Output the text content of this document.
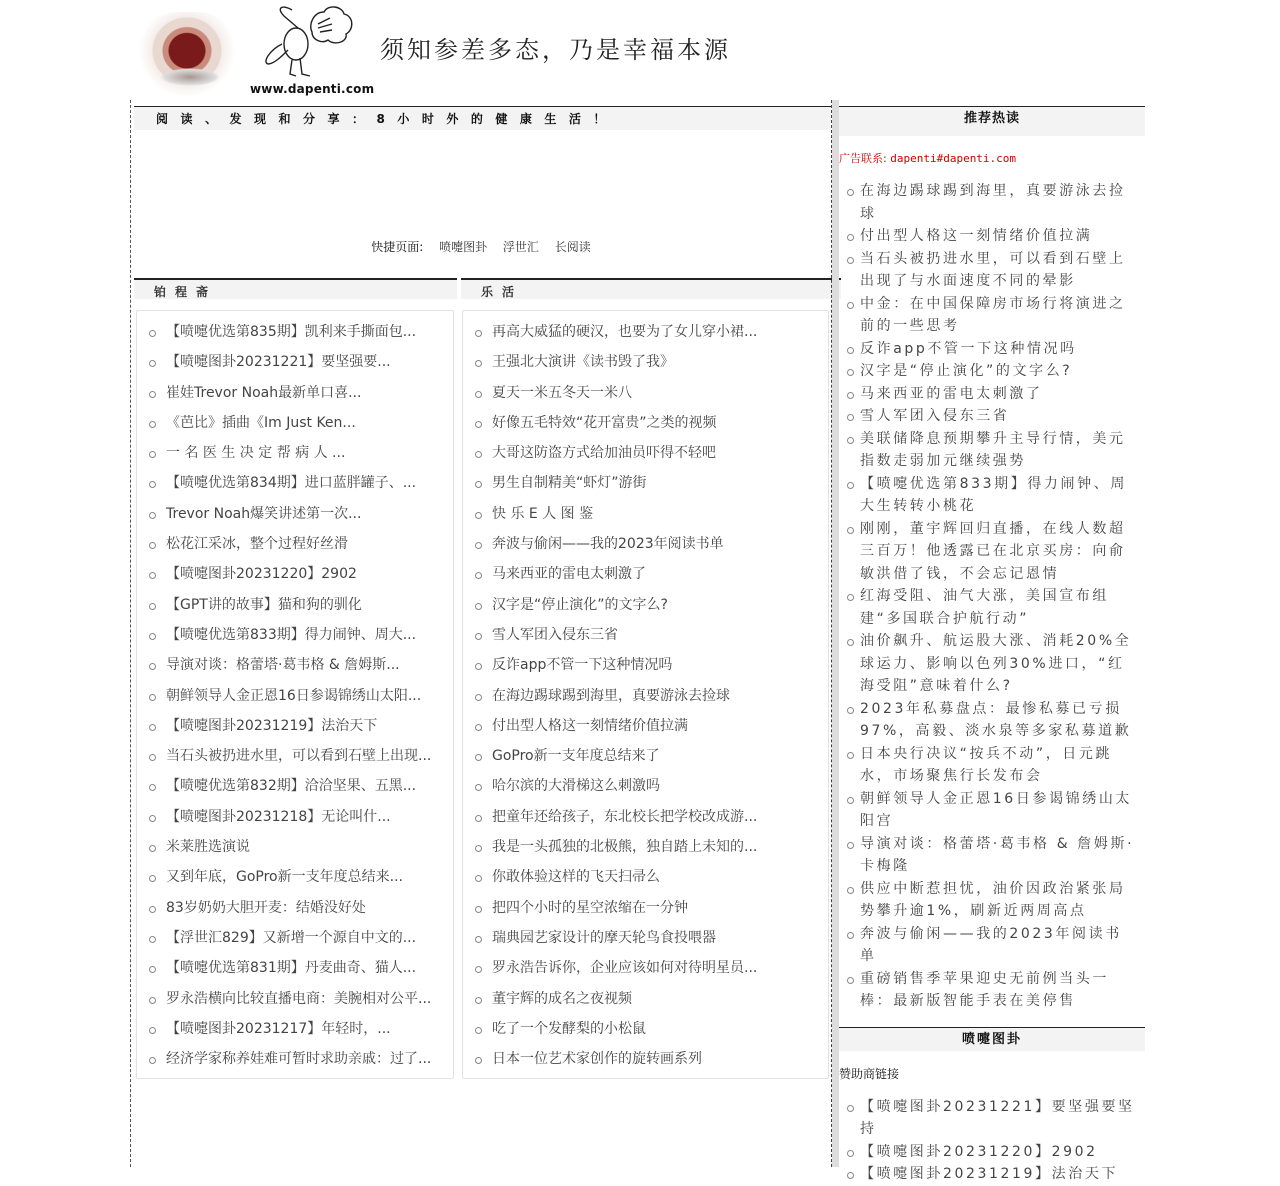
www.dapenti.com
须知参差多态，乃是幸福本源
阅读、发现和分享：8小时外的健康生活！
快捷页面: 喷嚏图卦 浮世汇 长阅读
铂程斋	乐活
【喷嚏优选第835期】凯利来手撕面包...
【喷嚏图卦20231221】要坚强要...
崔娃Trevor Noah最新单口喜...
《芭比》插曲《Im Just Ken...
一 名 医 生 决 定 帮 病 人 ...
【喷嚏优选第834期】进口蓝胖罐子、...
Trevor Noah爆笑讲述第一次...
松花江采冰，整个过程好丝滑
【喷嚏图卦20231220】2902
【GPT讲的故事】猫和狗的驯化
【喷嚏优选第833期】得力闹钟、周大...
导演对谈：格蕾塔·葛韦格 & 詹姆斯...
朝鲜领导人金正恩16日参谒锦绣山太阳...
【喷嚏图卦20231219】法治天下
当石头被扔进水里，可以看到石壁上出现...
【喷嚏优选第832期】洽洽坚果、五黑...
【喷嚏图卦20231218】无论叫什...
米莱胜选演说
又到年底，GoPro新一支年度总结来...
83岁奶奶大胆开麦：结婚没好处
【浮世汇829】又新增一个源自中文的...
【喷嚏优选第831期】丹麦曲奇、猫人...
罗永浩横向比较直播电商：美腕相对公平...
【喷嚏图卦20231217】年轻时，...
经济学家称养娃难可暂时求助亲戚：过了...
再高大威猛的硬汉，也要为了女儿穿小裙...
王强北大演讲《读书毁了我》
夏天一米五冬天一米八
好像五毛特效“花开富贵”之类的视频
大哥这防盗方式给加油员吓得不轻吧
男生自制精美“虾灯”游街
快 乐 E 人 图 鉴
奔波与偷闲——我的2023年阅读书单
马来西亚的雷电太刺激了
汉字是“停止演化”的文字么?
雪人军团入侵东三省
反诈app不管一下这种情况吗
在海边踢球踢到海里，真要游泳去捡球
付出型人格这一刻情绪价值拉满
GoPro新一支年度总结来了
哈尔滨的大滑梯这么刺激吗
把童年还给孩子，东北校长把学校改成游...
我是一头孤独的北极熊，独自踏上未知的...
你敢体验这样的飞天扫帚么
把四个小时的星空浓缩在一分钟
瑞典园艺家设计的摩天轮鸟食投喂器
罗永浩告诉你，企业应该如何对待明星员...
董宇辉的成名之夜视频
吃了一个发酵梨的小松鼠
日本一位艺术家创作的旋转画系列
推荐热读
广告联系: dapenti#dapenti.com
在海边踢球踢到海里，真要游泳去捡球
付出型人格这一刻情绪价值拉满
当石头被扔进水里，可以看到石壁上出现了与水面速度不同的晕影
中金：在中国保障房市场行将演进之前的一些思考
反诈app不管一下这种情况吗
汉字是“停止演化”的文字么?
马来西亚的雷电太刺激了
雪人军团入侵东三省
美联储降息预期攀升主导行情，美元指数走弱加元继续强势
【喷嚏优选第833期】得力闹钟、周大生转转小桃花
刚刚，董宇辉回归直播，在线人数超三百万！他透露已在北京买房：向俞敏洪借了钱，不会忘记恩情
红海受阻、油气大涨，美国宣布组建“多国联合护航行动”
油价飙升、航运股大涨、消耗20%全球运力、影响以色列30%进口，“红海受阻”意味着什么?
2023年私募盘点：最惨私募已亏损97%，高毅、淡水泉等多家私募道歉
日本央行决议“按兵不动”，日元跳水，市场聚焦行长发布会
朝鲜领导人金正恩16日参谒锦绣山太阳宫
导演对谈：格蕾塔·葛韦格 & 詹姆斯·卡梅隆
供应中断惹担忧，油价因政治紧张局势攀升逾1%，刷新近两周高点
奔波与偷闲——我的2023年阅读书单
重磅销售季苹果迎史无前例当头一棒：最新版智能手表在美停售
喷嚏图卦
赞助商链接
【喷嚏图卦20231221】要坚强要坚持
【喷嚏图卦20231220】2902
【喷嚏图卦20231219】法治天下
